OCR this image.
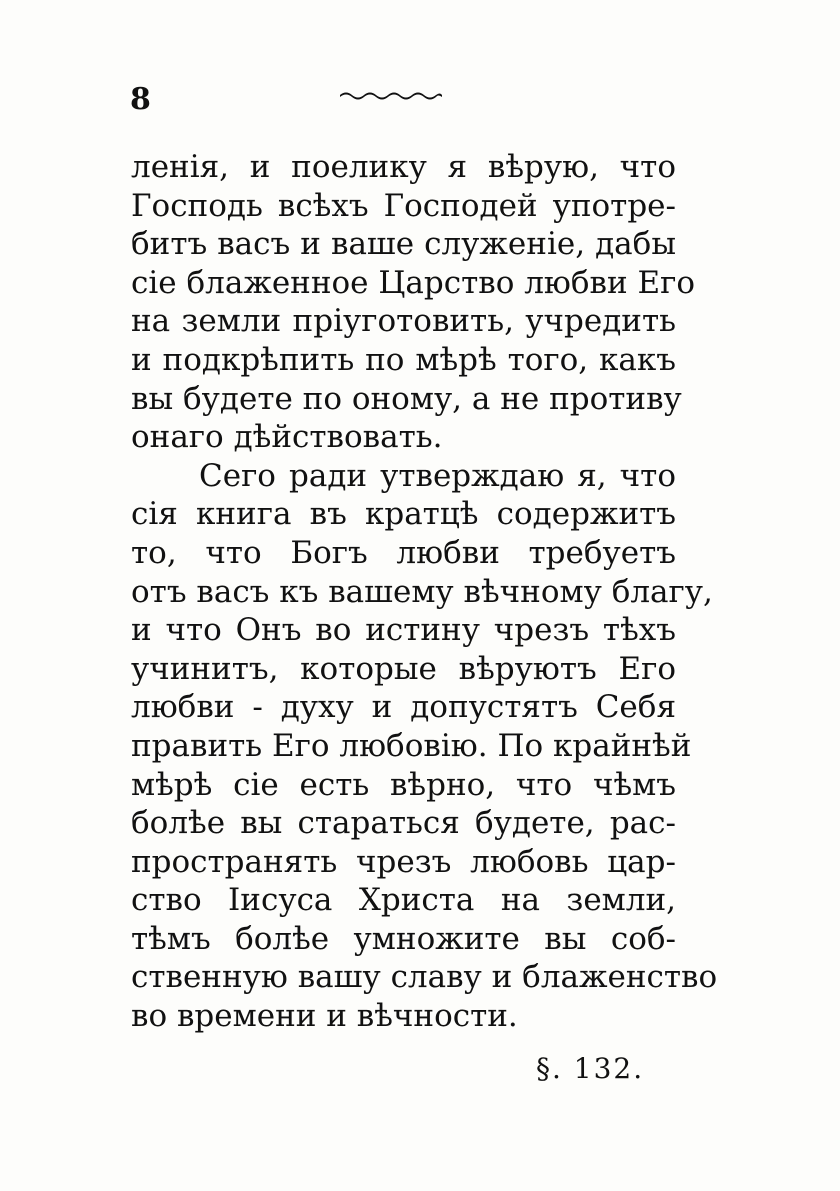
8
ленія, и поелику я вѣрую, что
Господь всѣхъ Господей употре-
битъ васъ и ваше служеніе, дабы
сіе блаженное Царство любви Его
на земли пріуготовить, учредить
и подкрѣпить по мѣрѣ того, какъ
вы будете по оному, а не противу
онаго дѣйствовать.
Сего ради утверждаю я, что
сія книга въ кратцѣ содержитъ
то, что Богъ любви требуетъ
отъ васъ къ вашему вѣчному благу,
и что Онъ во истину чрезъ тѣхъ
учинитъ, которые вѣруютъ Его
любви - духу и допустятъ Себя
править Его любовію. По крайнѣй
мѣрѣ сіе есть вѣрно, что чѣмъ
болѣе вы стараться будете, рас-
пространять чрезъ любовь цар-
ство Іисуса Христа на земли,
тѣмъ болѣе умножите вы соб-
ственную вашу славу и блаженство
во времени и вѣчности.
§. 132.
